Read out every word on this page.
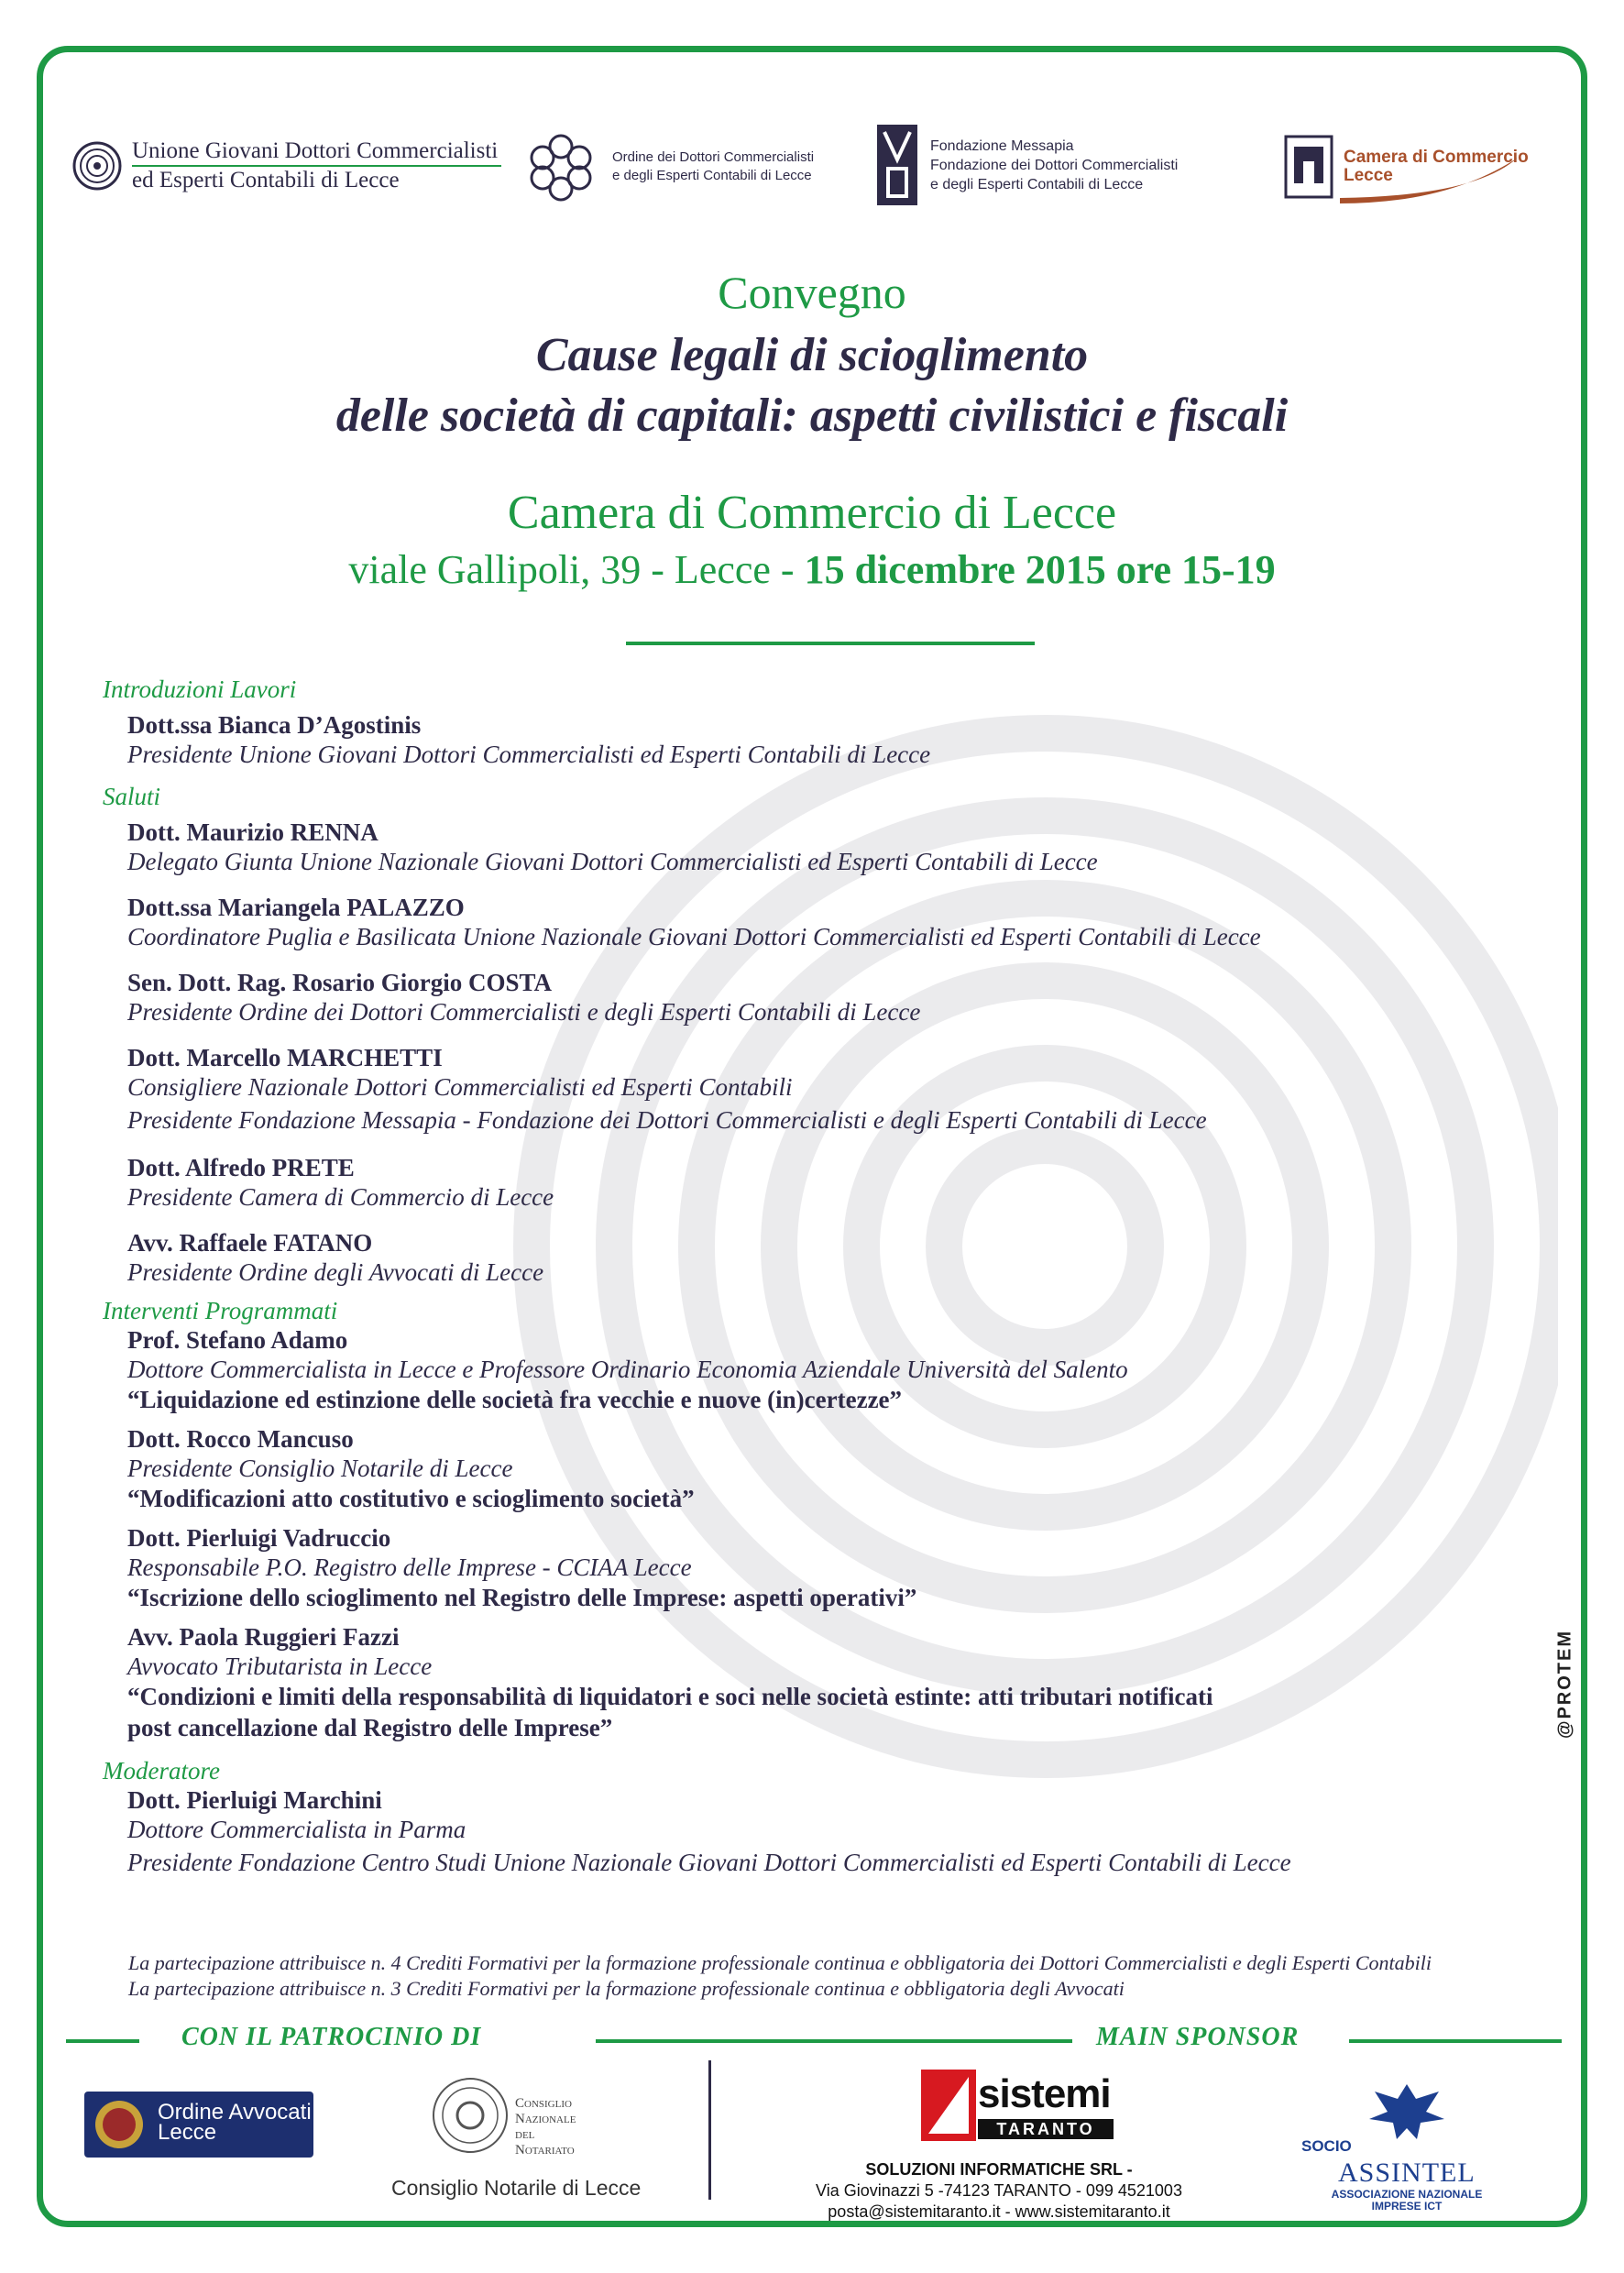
Unione Giovani Dottori Commercialisti
ed Esperti Contabili di Lecce
Ordine dei Dottori Commercialisti
e degli Esperti Contabili di Lecce
Fondazione Messapia
Fondazione dei Dottori Commercialisti
e degli Esperti Contabili di Lecce
Camera di Commercio
Lecce
Convegno
Cause legali di scioglimento
delle società di capitali: aspetti civilistici e fiscali
Camera di Commercio di Lecce
viale Gallipoli, 39 - Lecce - 15 dicembre 2015 ore 15-19
Introduzioni Lavori
Dott.ssa Bianca D’Agostinis
Presidente Unione Giovani Dottori Commercialisti ed Esperti Contabili di Lecce
Saluti
Dott. Maurizio RENNA
Delegato Giunta Unione Nazionale Giovani Dottori Commercialisti ed Esperti Contabili di Lecce
Dott.ssa Mariangela PALAZZO
Coordinatore Puglia e Basilicata Unione Nazionale Giovani Dottori Commercialisti ed Esperti Contabili di Lecce
Sen. Dott. Rag. Rosario Giorgio COSTA
Presidente Ordine dei Dottori Commercialisti e degli Esperti Contabili di Lecce
Dott. Marcello MARCHETTI
Consigliere Nazionale Dottori Commercialisti ed Esperti Contabili
Presidente Fondazione Messapia - Fondazione dei Dottori Commercialisti e degli Esperti Contabili di Lecce
Dott. Alfredo PRETE
Presidente Camera di Commercio di Lecce
Avv. Raffaele FATANO
Presidente Ordine degli Avvocati di Lecce
Interventi Programmati
Prof. Stefano Adamo
Dottore Commercialista in Lecce e Professore Ordinario Economia Aziendale Università del Salento
“Liquidazione ed estinzione delle società fra vecchie e nuove (in)certezze”
Dott. Rocco Mancuso
Presidente Consiglio Notarile di Lecce
“Modificazioni atto costitutivo e scioglimento società”
Dott. Pierluigi Vadruccio
Responsabile P.O. Registro delle Imprese - CCIAA Lecce
“Iscrizione dello scioglimento nel Registro delle Imprese: aspetti operativi”
Avv. Paola Ruggieri Fazzi
Avvocato Tributarista in Lecce
“Condizioni e limiti della responsabilità di liquidatori e soci nelle società estinte: atti tributari notificati
post cancellazione dal Registro delle Imprese”
Moderatore
Dott. Pierluigi Marchini
Dottore Commercialista in Parma
Presidente Fondazione Centro Studi Unione Nazionale Giovani Dottori Commercialisti ed Esperti Contabili di Lecce
La partecipazione attribuisce n. 4 Crediti Formativi per la formazione professionale continua e obbligatoria dei Dottori Commercialisti e degli Esperti Contabili
La partecipazione attribuisce n. 3 Crediti Formativi per la formazione professionale continua e obbligatoria degli Avvocati
@PROTEM
CON IL PATROCINIO DI	MAIN SPONSOR
Ordine Avvocati
Lecce
Consiglio
Nazionale
del
Notariato
Consiglio Notarile di Lecce
sistemi
TARANTO
SOLUZIONI INFORMATICHE SRL -
Via Giovinazzi 5 -74123 TARANTO - 099 4521003
posta@sistemitaranto.it - www.sistemitaranto.it
SOCIO
ASSINTEL
ASSOCIAZIONE NAZIONALE
IMPRESE ICT
